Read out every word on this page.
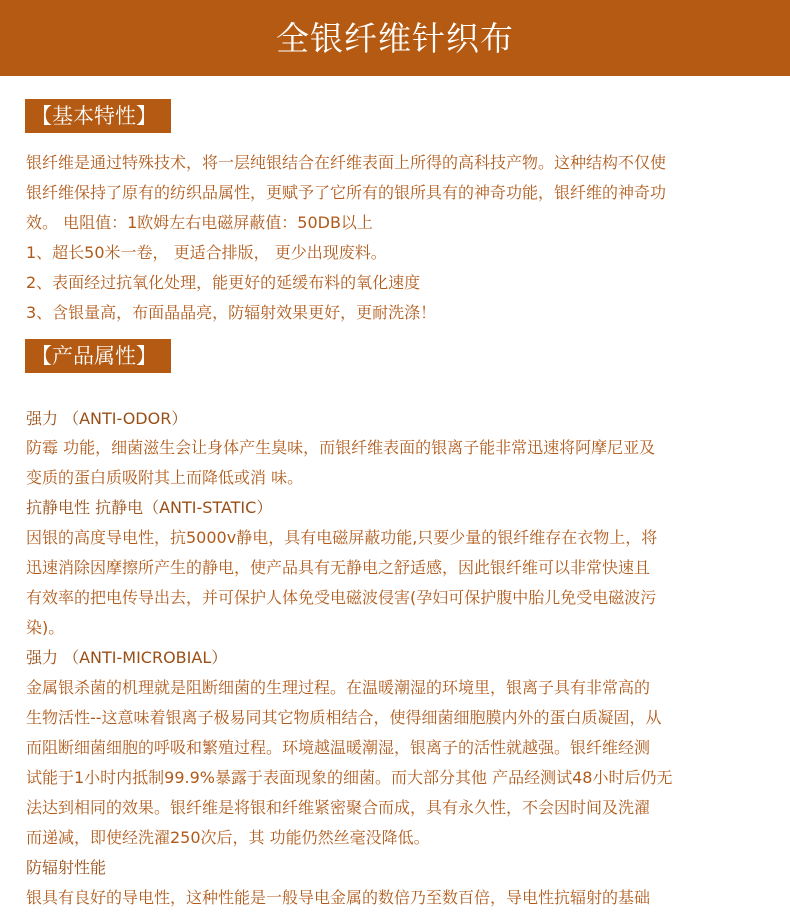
全银纤维针织布
【基本特性】
银纤维是通过特殊技术，将一层纯银结合在纤维表面上所得的高科技产物。这种结构不仅使
银纤维保持了原有的纺织品属性，更赋予了它所有的银所具有的神奇功能，银纤维的神奇功
效。 电阻值：1欧姆左右电磁屏蔽值：50DB以上
1、超长50米一卷， 更适合排版， 更少出现废料。
2、表面经过抗氧化处理，能更好的延缓布料的氧化速度
3、含银量高，布面晶晶亮，防辐射效果更好，更耐洗涤！
【产品属性】
强力 （ANTI-ODOR）
防霉 功能，细菌滋生会让身体产生臭味，而银纤维表面的银离子能非常迅速将阿摩尼亚及
变质的蛋白质吸附其上而降低或消 味。
抗静电性 抗静电（ANTI-STATIC）
因银的高度导电性，抗5000v静电，具有电磁屏蔽功能,只要少量的银纤维存在衣物上，将
迅速消除因摩擦所产生的静电，使产品具有无静电之舒适感，因此银纤维可以非常快速且
有效率的把电传导出去，并可保护人体免受电磁波侵害(孕妇可保护腹中胎儿免受电磁波污
染)。
强力 （ANTI-MICROBIAL）
金属银杀菌的机理就是阻断细菌的生理过程。在温暖潮湿的环境里，银离子具有非常高的
生物活性--这意味着银离子极易同其它物质相结合，使得细菌细胞膜内外的蛋白质凝固，从
而阻断细菌细胞的呼吸和繁殖过程。环境越温暖潮湿，银离子的活性就越强。银纤维经测
试能于1小时内抵制99.9%暴露于表面现象的细菌。而大部分其他 产品经测试48小时后仍无
法达到相同的效果。银纤维是将银和纤维紧密聚合而成，具有永久性，不会因时间及洗濯
而递减，即使经洗濯250次后，其 功能仍然丝毫没降低。
防辐射性能
银具有良好的导电性，这种性能是一般导电金属的数倍乃至数百倍，导电性抗辐射的基础
